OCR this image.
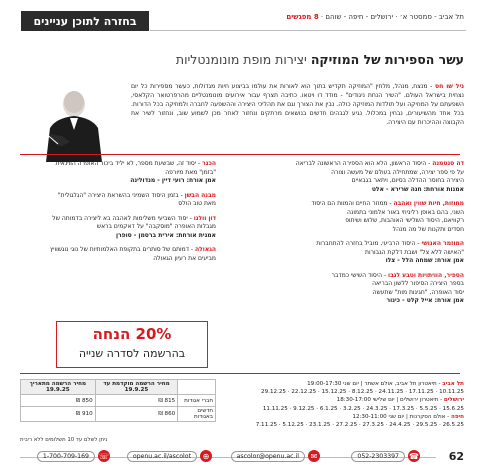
בחזרה לתוכן עניינים	תל אביב - סמסטר א׳ · ירושלים - חיפה - שוהם · 8 מפגשים
עשר הספירות של המוזיקה יצירות מופת מונומנטליות
ניל שו חס - מנצח, מנהל, מלחין "המוזיקה תקדיש בתוך הוא לאורות את עולמו בביצוע חיות מגדולות, כעשר מספירות כל יום נצחית בישראל העולם. "השיר הנחת ניגודים" - מודד דו ויטאו. כתיבה תצרף עבור אירועים מונומנטליים מהרפרטואר הקלאסי, השפעתם על המוזיקה ועל תולדות המוזיקה כולה. נבין את הצורך וגם את תהליכי היצירה וההשפעה לחברה ולמוזיקה בכל הדורות. בכל אחד מהשיעורים, נבחין במכלול. נגיע לגבהים חדשים בנושאים מרתקים ונחזור לאחר מכן לשמוע שוב, ונחזור לשיר את הקבוצה וההיכרות עם היצירה.
דה סנטמנה - היסוד הראשון, הלא הוא הספירה הראשונה לבריאה
על פי ספר יצירה, שמתחילה בעולם של מעשה וצורה
היצירה בחוסר ההדלה בסיום, ויתאר בגבאיים
אמנות אורחת: חנה שרירא - אלט
מחוזות, חיות שווין ואהבה - ממוזר החיים והמוות הם היסוד
השני, בהם באופן רליגיוזי באור אלמוני בתמונה
רקוויאם, היסוד השלישי האוהבות, שלוש ושיתופ
חסדים ותקנות של מה מנהל
המוזמר האנושי - היסוד הרביעי, מוביל בחזרה להתחברות
"האישה ללא צל" ושבת דלקת הגבורות
אמן אורח: שמחה הלל - צלו
הספיר, הוויתויות וטבע לגבו - היסוד השישי כמדבר
בספר היצירה הסיפור ללשון הבריאה
יסוד האופרה, "חגיגות מות" שתעשה
אמן אורח: אייל קלט - כינור
הכנר - יסוד זה, שבשעת מספר, לא יליד ביכור האופרה הווינאית
"בזמן" מאת מיורפה
אמן אורח: רועי דיין - מנדולינה
מבנה הבשן - בזמן היסוד השמיני בהשראת היצירה "הגלגולית"
מאת טוב הולס
דון וולנו - יסוד השביעי משלימות לאהבה בא ליצירה בדמותה של
מגבלות האופרה "מוסקבה" על דאקמים בראש
אמנית אורחת: אירית ברסמן - סופרן
הגאולה - דמותם של סותרים בתקופת האלמותיות של נוגי נוגשוויץ
מביעים את רעיון הגאולה
20% הנחה
בהרשמה לסדרה שנייה
תל אביב - תיאטרון תל אביב, אולם אשתר | יום שני 19:00-17:30
10.11.25 · 17.11.25 · 24.11.25 · 8.12.25 · 15.12.25 · 22.12.25 · 29.12.25
ירושלים - תיאטרון ירושלים | יום שלישי 18:30-17:00
15.6.25 · 5.5.25 · 17.3.25 · 24.3.25 · 3.2.25 · 6.1.25 · 9.12.25 · 11.11.25
חיפה - אולם הסקרנות | יום שני 12:30-11:00
26.5.25 · 29.5.25 · 24.4.25 · 27.3.25 · 27.2.25 · 23.1.25 · 5.12.25 · 7.11.25
	מחיר הרשמה מוקדמת עד 19.9.25	מחיר הרשמה מתאריך 19.9.25
חברי אגודות	815 ₪	850 ₪
חדשים באגודות	860 ₪	910 ₪
ניתן לשלם עד 10 תשלומים ללא ריבית
62
☎
052-2303397
✉
ascolor@openu.ac.il
⊕
openu.ac.il/ascolot
☏
1-700-709-169
